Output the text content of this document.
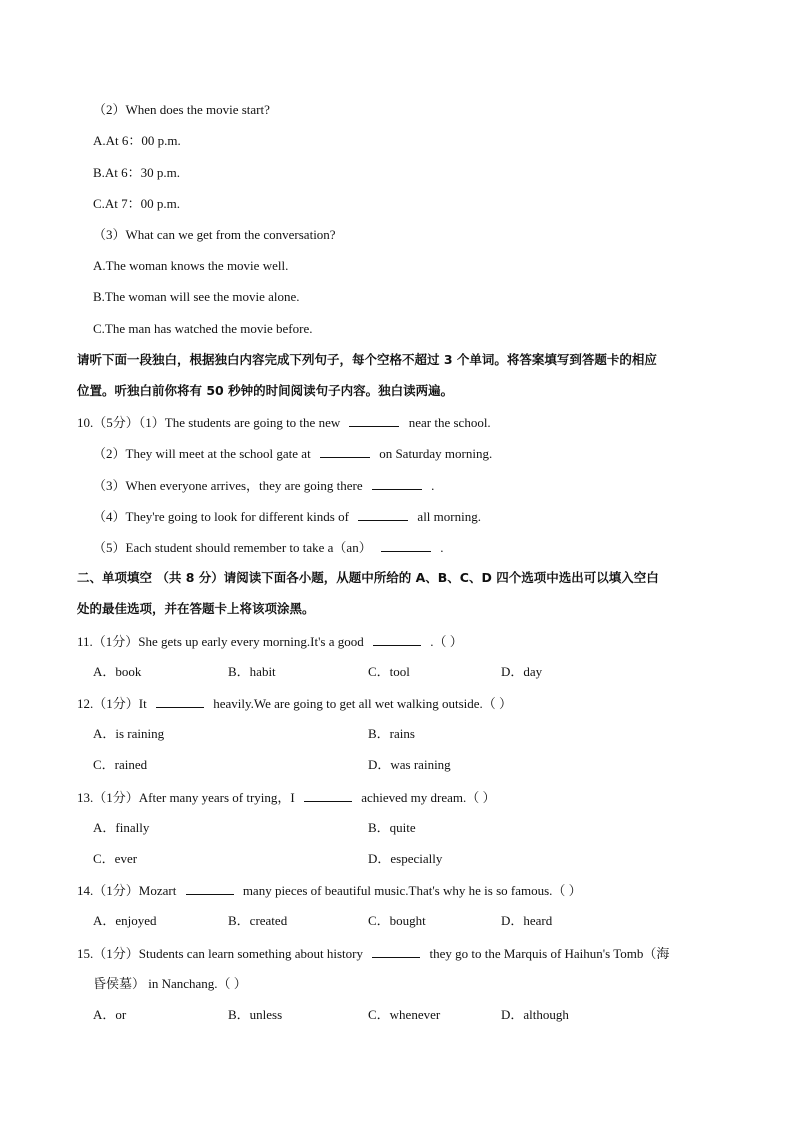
（2）When does the movie start?
A.At 6：00 p.m.
B.At 6：30 p.m.
C.At 7：00 p.m.
（3）What can we get from the conversation?
A.The woman knows the movie well.
B.The woman will see the movie alone.
C.The man has watched the movie before.
请听下面一段独白，根据独白内容完成下列句子，每个空格不超过 3 个单词。将答案填写到答题卡的相应
位置。听独白前你将有 50 秒钟的时间阅读句子内容。独白读两遍。
10.（5分）（1）The students are going to the new	near the school.
（2）They will meet at the school gate at	on Saturday morning.
（3）When everyone arrives，they are going there	.
（4）They're going to look for different kinds of	all morning.
（5）Each student should remember to take a（an）	.
二、单项填空 （共 8 分）请阅读下面各小题，从题中所给的 A、B、C、D 四个选项中选出可以填入空白
处的最佳选项，并在答题卡上将该项涂黑。
11.（1分）She gets up early every morning.It's a good	.（ ）
A．book	B．habit	C．tool	D．day
12.（1分）It	heavily.We are going to get all wet walking outside.（ ）
A．is raining	B．rains
C．rained	D．was raining
13.（1分）After many years of trying，I	achieved my dream.（ ）
A．finally	B．quite
C．ever	D．especially
14.（1分）Mozart	many pieces of beautiful music.That's why he is so famous.（ ）
A．enjoyed	B．created	C．bought	D．heard
15.（1分）Students can learn something about history	they go to the Marquis of Haihun's Tomb（海
昏侯墓） in Nanchang.（ ）
A．or	B．unless	C．whenever	D．although
